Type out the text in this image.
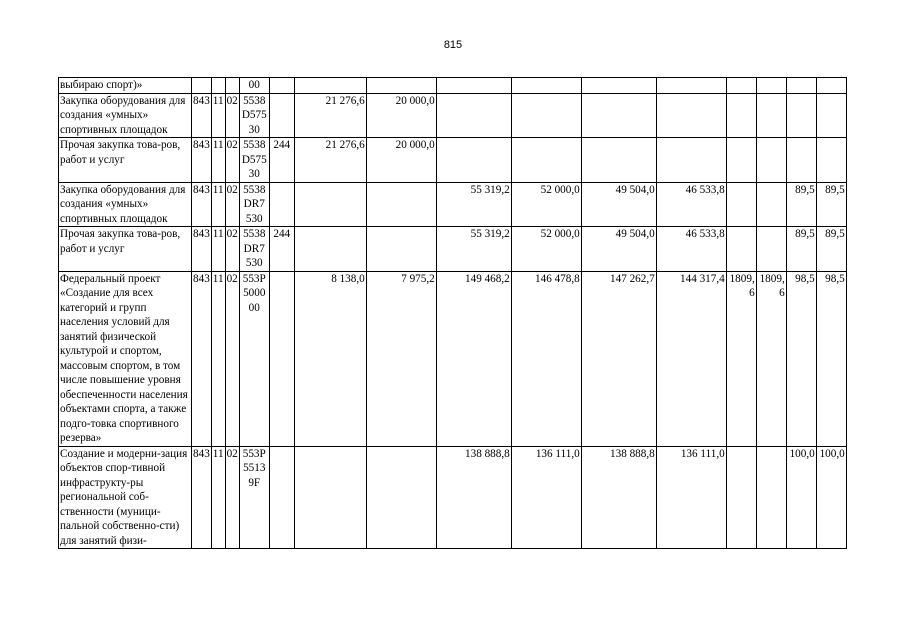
815
выбираю спорт)»				00											
Закупка оборудования для создания «умных» спортивных площадок	843	11	02	5538 D575 30		21 276,6	20 000,0								
Прочая закупка това-ров, работ и услуг	843	11	02	5538 D575 30	244	21 276,6	20 000,0								
Закупка оборудования для создания «умных» спортивных площадок	843	11	02	5538 DR7 530				55 319,2	52 000,0	49 504,0	46 533,8			89,5	89,5
Прочая закупка това-ров, работ и услуг	843	11	02	5538 DR7 530	244			55 319,2	52 000,0	49 504,0	46 533,8			89,5	89,5
Федеральный проект «Создание для всех категорий и групп населения условий для занятий физической культурой и спортом, массовым спортом, в том числе повышение уровня обеспеченности населения объектами спорта, а также подго-товка спортивного резерва»	843	11	02	553P 5000 00		8 138,0	7 975,2	149 468,2	146 478,8	147 262,7	144 317,4	1809,6	1809,6	98,5	98,5
Создание и модерни-зация объектов спор-тивной инфраструкту-ры региональной соб-ственности (муници-пальной собственно-сти) для занятий физи-	843	11	02	553P 5513 9F				138 888,8	136 111,0	138 888,8	136 111,0			100,0	100,0
